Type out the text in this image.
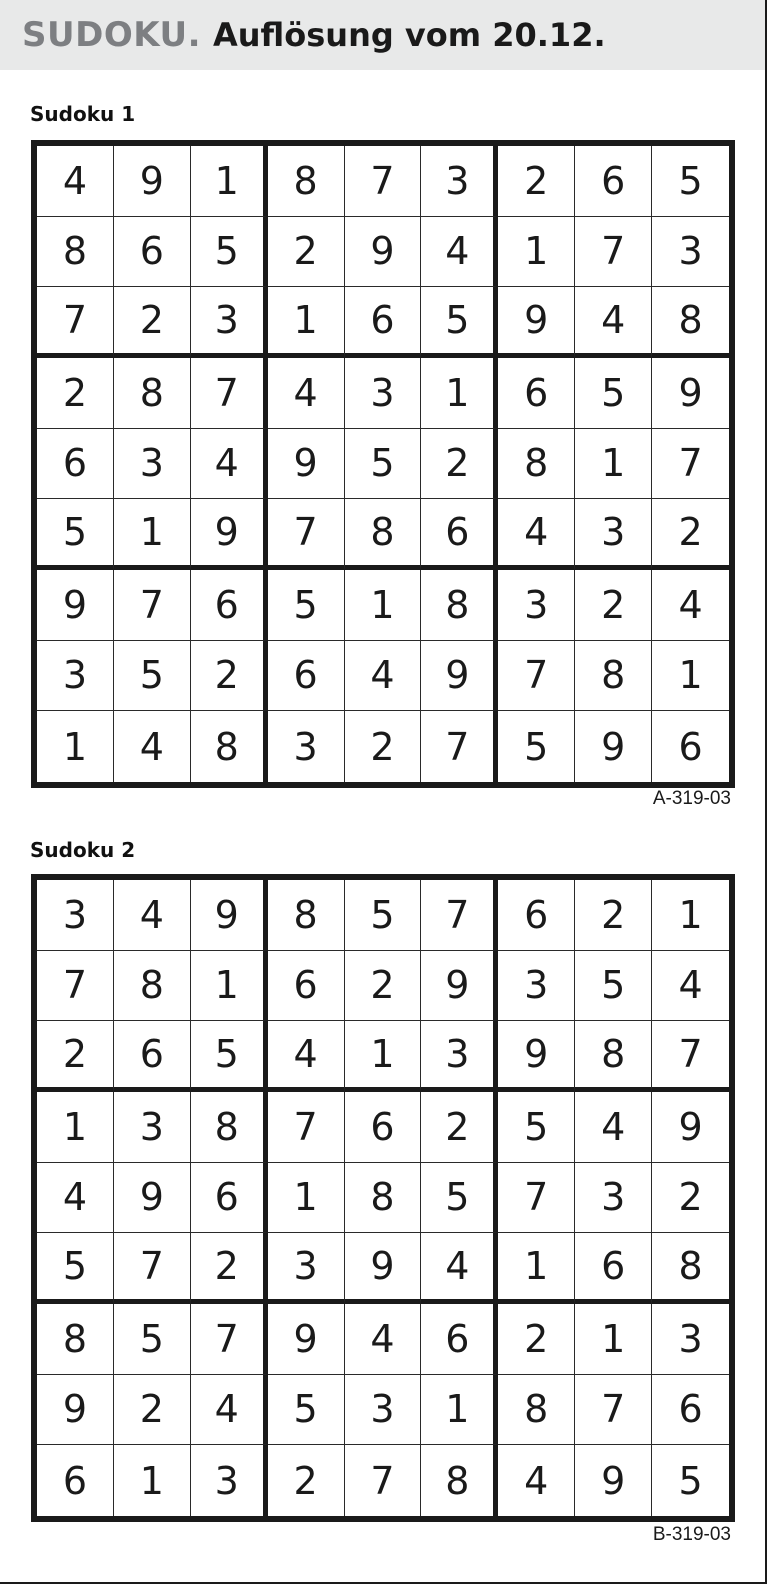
SUDOKU. Auflösung vom 20.12.
Sudoku 1
4	9	1	8	7	3	2	6	5
8	6	5	2	9	4	1	7	3
7	2	3	1	6	5	9	4	8
2	8	7	4	3	1	6	5	9
6	3	4	9	5	2	8	1	7
5	1	9	7	8	6	4	3	2
9	7	6	5	1	8	3	2	4
3	5	2	6	4	9	7	8	1
1	4	8	3	2	7	5	9	6
A-319-03
Sudoku 2
3	4	9	8	5	7	6	2	1
7	8	1	6	2	9	3	5	4
2	6	5	4	1	3	9	8	7
1	3	8	7	6	2	5	4	9
4	9	6	1	8	5	7	3	2
5	7	2	3	9	4	1	6	8
8	5	7	9	4	6	2	1	3
9	2	4	5	3	1	8	7	6
6	1	3	2	7	8	4	9	5
B-319-03
